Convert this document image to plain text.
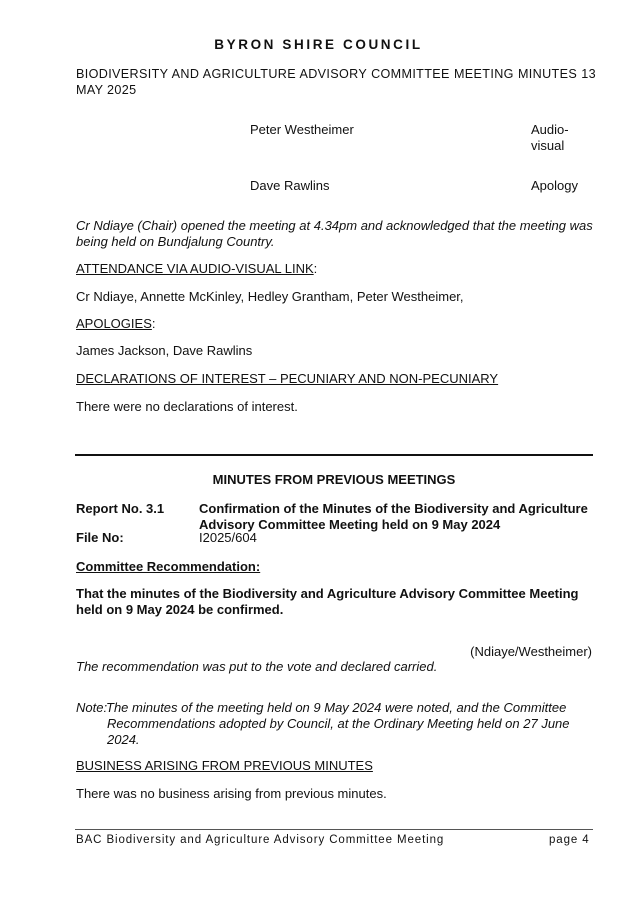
BYRON SHIRE COUNCIL
BIODIVERSITY AND AGRICULTURE ADVISORY COMMITTEE MEETING MINUTES 13 MAY 2025
Peter Westheimer	Audio-
visual
Dave Rawlins	Apology
Cr Ndiaye (Chair) opened the meeting at 4.34pm and acknowledged that the meeting was being held on Bundjalung Country.
ATTENDANCE VIA AUDIO-VISUAL LINK:
Cr Ndiaye, Annette McKinley, Hedley Grantham, Peter Westheimer,
APOLOGIES:
James Jackson, Dave Rawlins
DECLARATIONS OF INTEREST – PECUNIARY AND NON-PECUNIARY
There were no declarations of interest.
MINUTES FROM PREVIOUS MEETINGS
Report No. 3.1	Confirmation of the Minutes of the Biodiversity and Agriculture Advisory Committee Meeting held on 9 May 2024
File No:	I2025/604
Committee Recommendation:
That the minutes of the Biodiversity and Agriculture Advisory Committee Meeting held on 9 May 2024 be confirmed.
(Ndiaye/Westheimer)
The recommendation was put to the vote and declared carried.
Note:
The minutes of the meeting held on 9 May 2024 were noted, and the Committee Recommendations adopted by Council, at the Ordinary Meeting held on 27 June 2024.
BUSINESS ARISING FROM PREVIOUS MINUTES
There was no business arising from previous minutes.
BAC Biodiversity and Agriculture Advisory Committee Meeting	page 4
